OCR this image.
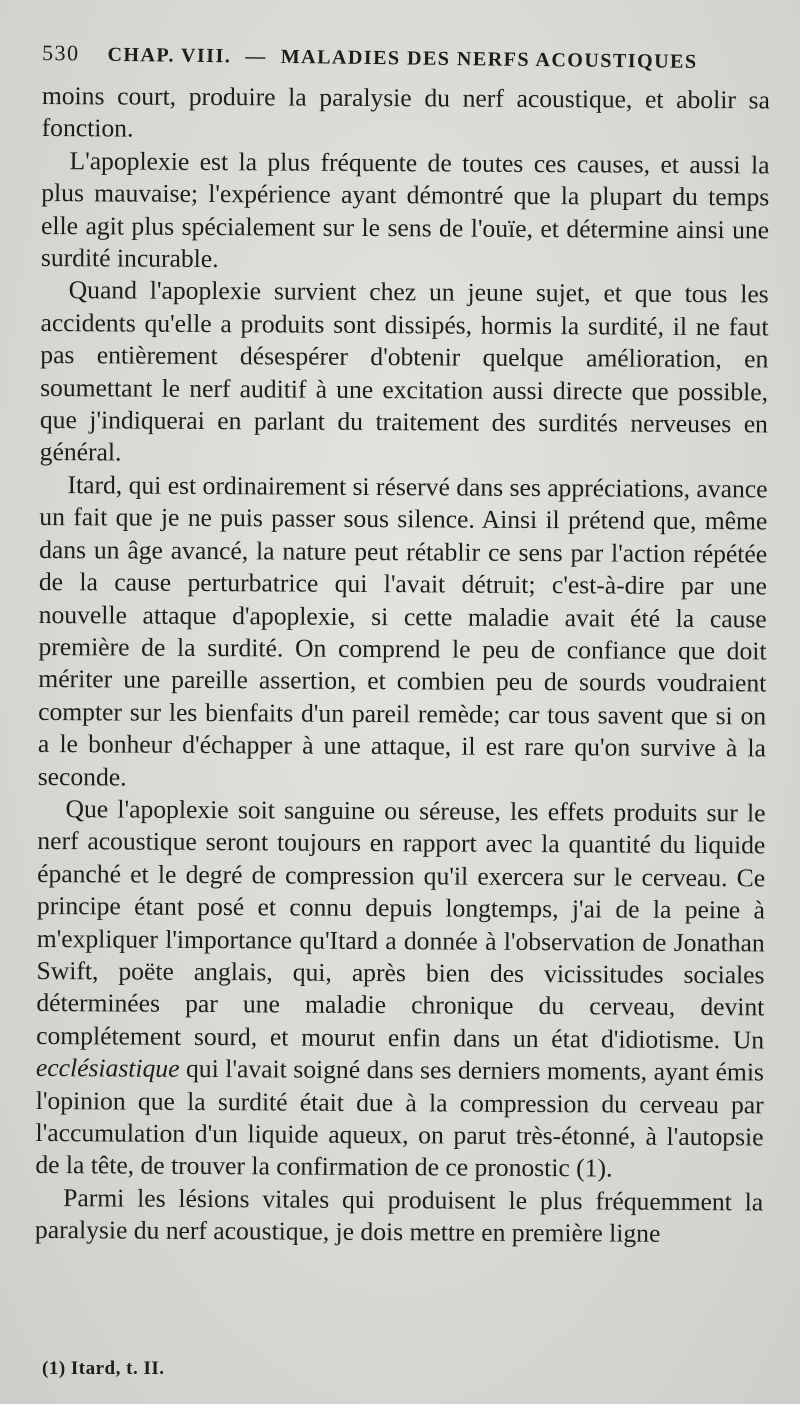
530 CHAP. VIII. — MALADIES DES NERFS ACOUSTIQUES

moins court, produire la paralysie du nerf acoustique, et abolir sa fonction.

L'apoplexie est la plus fréquente de toutes ces causes, et aussi la plus mauvaise; l'expérience ayant démontré que la plupart du temps elle agit plus spécialement sur le sens de l'ouïe, et détermine ainsi une surdité incurable.

Quand l'apoplexie survient chez un jeune sujet, et que tous les accidents qu'elle a produits sont dissipés, hormis la surdité, il ne faut pas entièrement désespérer d'obtenir quelque amélioration, en soumettant le nerf auditif à une excitation aussi directe que possible, que j'indiquerai en parlant du traitement des surdités nerveuses en général.

Itard, qui est ordinairement si réservé dans ses appréciations, avance un fait que je ne puis passer sous silence. Ainsi il prétend que, même dans un âge avancé, la nature peut rétablir ce sens par l'action répétée de la cause perturbatrice qui l'avait détruit; c'est-à-dire par une nouvelle attaque d'apoplexie, si cette maladie avait été la cause première de la surdité. On comprend le peu de confiance que doit mériter une pareille assertion, et combien peu de sourds voudraient compter sur les bienfaits d'un pareil remède; car tous savent que si on a le bonheur d'échapper à une attaque, il est rare qu'on survive à la seconde.

Que l'apoplexie soit sanguine ou séreuse, les effets produits sur le nerf acoustique seront toujours en rapport avec la quantité du liquide épanché et le degré de compression qu'il exercera sur le cerveau. Ce principe étant posé et connu depuis longtemps, j'ai de la peine à m'expliquer l'importance qu'Itard a donnée à l'observation de Jonathan Swift, poëte anglais, qui, après bien des vicissitudes sociales déterminées par une maladie chronique du cerveau, devint complétement sourd, et mourut enfin dans un état d'idiotisme. Un ecclésiastique qui l'avait soigné dans ses derniers moments, ayant émis l'opinion que la surdité était due à la compression du cerveau par l'accumulation d'un liquide aqueux, on parut très-étonné, à l'autopsie de la tête, de trouver la confirmation de ce pronostic (1).

Parmi les lésions vitales qui produisent le plus fréquemment la paralysie du nerf acoustique, je dois mettre en première ligne

(1) Itard, t. II.
